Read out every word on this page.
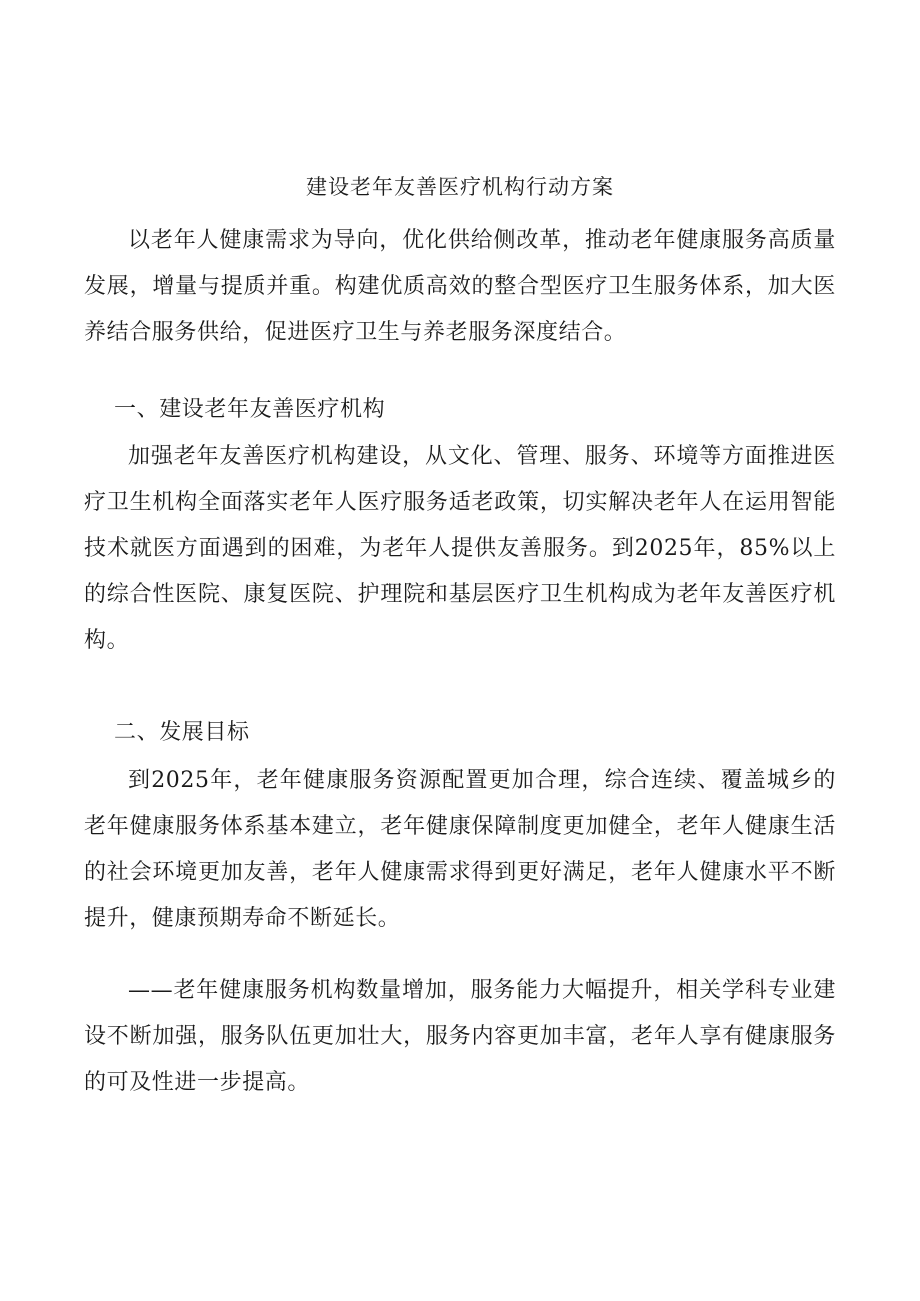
建设老年友善医疗机构行动方案

以老年人健康需求为导向，优化供给侧改革，推动老年健康服务高质量发展，增量与提质并重。构建优质高效的整合型医疗卫生服务体系，加大医养结合服务供给，促进医疗卫生与养老服务深度结合。

一、建设老年友善医疗机构

加强老年友善医疗机构建设，从文化、管理、服务、环境等方面推进医疗卫生机构全面落实老年人医疗服务适老政策，切实解决老年人在运用智能技术就医方面遇到的困难，为老年人提供友善服务。到2025年，85%以上的综合性医院、康复医院、护理院和基层医疗卫生机构成为老年友善医疗机构。

二、发展目标

到2025年，老年健康服务资源配置更加合理，综合连续、覆盖城乡的老年健康服务体系基本建立，老年健康保障制度更加健全，老年人健康生活的社会环境更加友善，老年人健康需求得到更好满足，老年人健康水平不断提升，健康预期寿命不断延长。

——老年健康服务机构数量增加，服务能力大幅提升，相关学科专业建设不断加强，服务队伍更加壮大，服务内容更加丰富，老年人享有健康服务的可及性进一步提高。
